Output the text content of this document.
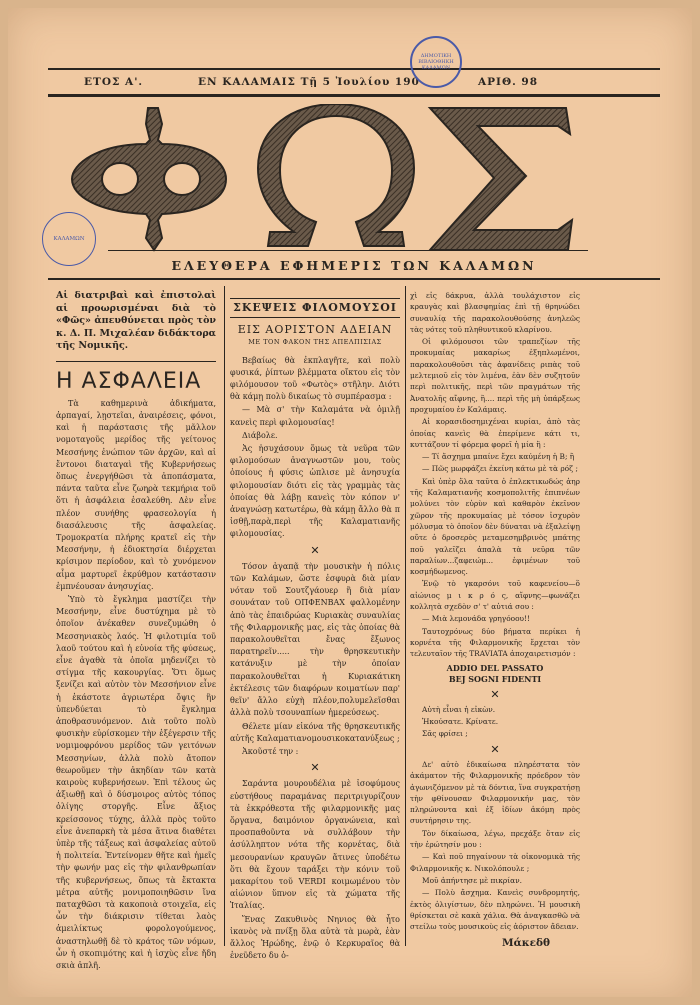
ΕΤΟΣ Α'.	ΕΝ ΚΑΛΑΜΑΙΣ Τῇ 5 Ἰουλίου 190	ΑΡΙΘ. 98
ΔΗΜΟΤΙΚΗ ΒΙΒΛΙΟΘΗΚΗ ΚΑΛΑΜΩΝ
ΚΑΛΑΜΩΝ
ΕΛΕΥΘΕΡΑ ΕΦΗΜΕΡΙΣ ΤΩΝ ΚΑΛΑΜΩΝ
Αἱ διατριβαὶ καὶ ἐπιστολαὶ αἱ προωρισμέναι διὰ τὸ «Φῶς» ἀπευθύνεται πρὸς τὸν κ. Δ. Π. Μιχαλέαν διδάκτορα τῆς Νομικῆς.
Η ΑΣΦΑΛΕΙΑ

Τὰ καθημερινὰ ἀδικήματα, ἁρπαγαί, λῃστεῖαι, ἀναιρέσεις, φόνοι, καὶ ἡ παράστασις τῆς μᾶλλον νομοταγοῦς μερίδος τῆς γείτονος Μεσσήνης ἐνώπιον τῶν ἀρχῶν, καὶ αἱ ἔντονοι διαταγαὶ τῆς Κυβερνήσεως ὅπως ἐνεργήθῶσι τὰ ἀποπάσματα, πάντα ταῦτα εἶνε ζωηρὰ τεκμήρια τοῦ ὅτι ἡ ἀσφάλεια ἐσαλεύθη. Δὲν εἶνε πλέον συνήθης φρασεολογία ἡ διασάλευσις τῆς ἀσφαλείας. Τρομοκρατία πλήρης κρατεῖ εἰς τὴν Μεσσήνην, ἡ ἐδιοκτησία διέρχεται κρίσιμον περίοδον, καὶ τὸ χυνόμενον αἷμα μαρτυρεῖ ἐκρύθμον κατάστασιν ἐμπνέουσαν ἀνησυχίας.

Ὑπὸ τὸ ἔγκλημα μαστίζει τὴν Μεσσήνην, εἶνε δυστύχημα μὲ τὸ ὁποῖον ἀνέκαθεν συνεζυμώθη ὁ Μεσσηνιακὸς λαός. Ἡ φιλοτιμία τοῦ λαοῦ τούτου καὶ ἡ εὐνοία τῆς φύσεως, εἶνε ἀγαθὰ τὰ ὁποῖα μηδενίζει τὸ στίγμα τῆς κακουργίας. Ὅτι ὅμως ξενίζει καὶ αὐτὸν τὸν Μεσσήνιον εἶνε ἡ ἐκάστοτε ἀγριωτέρα ὄψις ἣν ὑπενδύεται τὸ ἔγκλημα ἀποθρασυνόμενον. Διὰ τοῦτο πολὺ φυσικὴν εὑρίσκομεν τὴν ἐξέγερσιν τῆς νομιμοφρόνου μερίδος τῶν γειτόνων Μεσσηνίων, ἀλλὰ πολὺ ἄτοπον θεωροῦμεν τὴν ἀκηδίαν τῶν κατὰ καιροὺς κυβερνήσεων. Ἐπὶ τέλους ὡς ἀξιωθῇ καὶ ὁ δύσμοιρος αὐτὸς τόπος ὀλίγης στοργῆς. Εἶνε ἄξιος κρείσσονος τύχης, ἀλλὰ πρὸς τοῦτο εἶνε ἀνεπαρκὴ τὰ μέσα ἅτινα διαθέτει ὑπὲρ τῆς τάξεως καὶ ἀσφαλείας αὐτοῦ ἡ πολιτεία. Ἐντείνομεν θῆτε καὶ ἡμεῖς τὴν φωνήν μας εἰς τὴν φιλανθρωπίαν τῆς κυβερνήσεως, ὅπως τὰ ἔκτακτα μέτρα αὐτῆς μονιμοποιηθῶσιν ἵνα παταχθῶσι τὰ κακοποιὰ στοιχεῖα, εἰς ὧν τὴν διάκρισιν τίθεται λαὸς ἀμειλίκτως φορολογούμενος, ἀναστηλωθῇ δὲ τὸ κράτος τῶν νόμων, ὧν ἡ σκοπιμότης καὶ ἡ ἰσχὺς εἶνε ἤδη σκιὰ ἁπλῆ.

ΣΚΕΨΕΙΣ ΦΙΛΟΜΟΥΣΟΙ
ΕΙΣ ΑΟΡΙΣΤΟΝ ΑΔΕΙΑΝ
ΜΕ ΤΟΝ ΦΑΚΟΝ ΤΗΣ ΑΠΕΛΠΙΣΙΑΣ

Βεβαίως θὰ ἐκπλαγῆτε, καὶ πολὺ φυσικά, ῥίπτων βλέμματα οἴκτου εἰς τὸν φιλόμουσον τοῦ «Φωτὸς» στῆλην. Διότι θὰ κάμῃ πολὺ δικαίως τὸ συμπέρασμα :

— Μὰ σ' τὴν Καλαμάτα νὰ ὁμιλῇ κανεὶς περὶ φιλομουσίας!

Διάβολε.

Ἀς ἠσυχάσουν ὅμως τὰ νεῦρα τῶν φιλομούσων ἀναγνωστῶν μου, τοὺς ὁποίους ἡ φύσις ὡπλισε μὲ ἀνησυχία φιλομουσίαν διότι εἰς τὰς γραμμὰς τὰς ὁποίας θὰ λάβῃ κανεὶς τὸν κόπον ν' ἀναγνώσῃ κατωτέρω, θὰ κάμῃ ἄλλο θὰ π ἰσθῇ,παρὰ,περὶ τῆς Καλαματιανῆς φιλομουσίας.

✕

Τόσον ἀγαπᾷ τὴν μουσικὴν ἡ πόλις τῶν Καλάμων, ὥστε ἐσφυρὰ διὰ μίαν νόταν τοῦ Σουτζγάουερ ἢ διὰ μίαν σουνάταν τοῦ ΟΠΦΕΝΒΑΧ φαλλομένην ἀπὸ τὰς ἐπαιδρώας Κυριακὰς συναυλίας τῆς Φιλαρμονικῆς μας, εἰς τὰς ὁποίας θὰ παρακολουθεῖται ἔνας ἔξωνος παρατηρεῖν..... τὴν θρησκευτικὴν κατάνυξιν μὲ τὴν ὁποίαν παρακολουθεῖται ἡ Κυριακάτικη ἐκτέλεσις τῶν διαφόρων κοιματίων παρ' θεῖν' ἄλλο εὐχὴ πλέον,πολυμελεῖσθαι ἀλλὰ πολὺ τσουναπίων ἡμερεύσεως.

Θέλετε μίαν εἰκόνα τῆς θρησκευτικῆς αὐτῆς Καλαματιανομουσικοκατανύξεως ;

Ἀκοῦστέ την :

✕

Σαράντα μουρουδέλια μὲ ἰσοφύμους εὐστήθους παραμάνας περιτριγυρίζουν τὰ ἐκκρόθεστα τῆς φιλαρμονικῆς μας ὄργανα, δαιμόνιον ὀργανώνεια, καὶ προσπαθοῦντα νὰ συλλάβουν τὴν ἀσύλληπτον νότα τῆς κορνέτας, διὰ μεσουρανίων κραυγῶν ἅτινες ὑποδέτω ὅτι θὰ ἔχουν ταράξει τὴν κόνιν τοῦ μακαρίτου τοῦ VERDI κοιμωμένου τὸν αἰώνιον ὕπνον εἰς τὰ χώματα τῆς Ἰταλίας.

Ἕνας Ζακυθινὸς Νηνιος θὰ ἦτο ἱκανὸς νὰ πνίξῃ ὅλα αὐτὰ τὰ μωρὰ, ἐὰν ἄλλος Ἡρώδης, ἐνῷ ὁ Κερκυραῖος θὰ ἐνεῦδετο δυ ὁ-

χὶ εἰς δάκρυα, ἀλλὰ τουλάχιστον εἰς κραυγὰς καὶ βλασφημίας ἐπὶ τῇ θρηνώδει συναυλίᾳ τῆς παρακολουθούσης ἀνηλεῶς τὰς νότες τοῦ πληθυντικοῦ κλαρίνου.

Οἱ φιλόμουσοι τῶν τραπεζίων τῆς προκυμαίας μακαρίως ἐξηπλωμένοι, παρακολουθοῦσι τὰς ἀφανίδεις ριπὰς τοῦ μελτεμιοῦ εἰς τὸν λιμένα, ἐὰν δὲν συζητοῦν περὶ πολιτικῆς, περὶ τῶν πραγμάτων τῆς Ἀνατολῆς αἴφνης, ἢ.... περὶ τῆς μὴ ὑπάρξεως προχυμαίου ἐν Καλάμαις.

Αἱ κορασιδοσημιχέναι κυρίαι, ἀπὸ τὰς ὁποίας κανεὶς θὰ ἐπερίμενε κάτι τι, κυττάζουν τί φόρεμα φορεῖ ἡ μία ἢ :

— Τί ἄσχημα μπαίνε ἔχει καύμένη ἡ Β; ἢ

— Πῶς μωρφάζει ἐκείνη κάτω μὲ τὰ ρόζ ;

Καὶ ὑπὲρ ὅλα ταῦτα ὁ ἐπλεκτικωδώς ἀηρ τῆς Καλαματιανῆς κοσμοπολιτῆς ἐπιπνέων μολύνει τὸν εὐρὺν καὶ καθαρὸν ἐκεῖνον χῶρον τῆς προκυμαίας μὲ τόσον ἰσχυρὸν μόλυσμα τὸ ὁποῖον δὲν δύναται νὰ ἐξαλείψῃ οὔτε ὁ δροσερὸς μεταμεσημβρινὸς μπάτης ποῦ γαλεῖζει ἁπαλὰ τὰ νεῦρα τῶν παραλίων...ζαφειώμ... ἐφιμένων τοῦ κοσμήδωμενος.

Ἐνῷ τὸ γκαρσόνι τοῦ καφενείου—ὅ αἰώνιος μ ι κ ρ ό ς, αἴφνης—φωνάζει κολλητὰ σχεδὸν σ' τ' αὐτιά σου :

— Μιὰ λεμονάδα γρηγόοου!!

Ταυτοχρόνως δύο βήματα περίκει ἡ κορνέτα τῆς Φιλαρμονικῆς ἔρχεται τὸν τελευταῖον τῆς TRAVIATA ἀποχαιρετισμόν :

ADDIO DEL PASSATO
BEJ SOGNI FIDENTI
✕

Αὐτὴ εἶναι ἡ εἰκὼν.

Ἠκούσατε. Κρίνατε.

Σᾶς φρίσει ;

✕

Δε' αὐτὸ ἐδικαίωσα πληρέστατα τὸν ἀκάματον τῆς Φιλαρμονικῆς πρόεδρον τὸν ἀγωνιζόμενον μὲ τὰ δόντια, ἵνα συγκρατήσῃ τὴν φθίνουσαν Φιλαρμονικήν μας, τὸν πληρώνοντα καὶ ἐξ ἰδίων ἀκόμη πρὸς συντήρησιν της.

Τὸν δίκαίωσα, λέγω, πρεχάξε ὅταν εἰς τὴν ἐρώτησίν μου :

— Καὶ ποῦ πηγαίνουν τὰ οἰκονομικὰ τῆς Φιλαρμονικῆς κ. Νικολόπουλε ;

Μοῦ ἀπήντησε μὲ πικρίαν.

— Πολὺ ἄσχημα. Κανεὶς συνδρομητής, ἐκτὸς ὀλιγίστων, δὲν πληρώνει. Ἡ μουσικὴ θρίσκεται σὲ κακὰ χάλια. Θὰ ἀναγκασθῶ νὰ στείλω τοὺς μουσικοὺς εἰς ἀόριστον ἄδειαν.

Μάκεδθ
